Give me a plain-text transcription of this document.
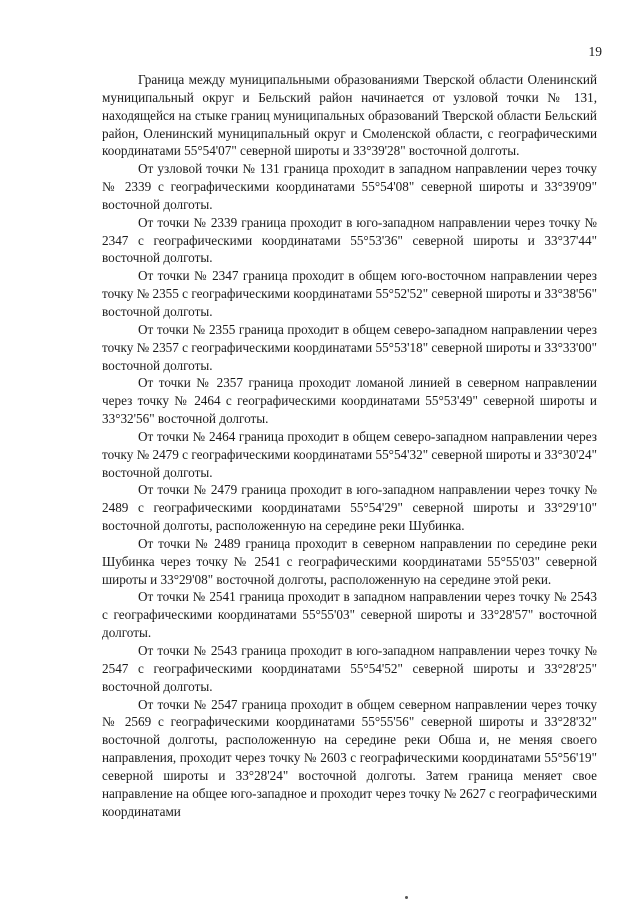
19

Граница между муниципальными образованиями Тверской области Оленинский муниципальный округ и Бельский район начинается от узловой точки № 131, находящейся на стыке границ муниципальных образований Тверской области Бельский район, Оленинский муниципальный округ и Смоленской области, с географическими координатами 55°54'07" северной широты и 33°39'28" восточной долготы.

От узловой точки № 131 граница проходит в западном направлении через точку № 2339 с географическими координатами 55°54'08" северной широты и 33°39'09" восточной долготы.

От точки № 2339 граница проходит в юго-западном направлении через точку № 2347 с географическими координатами 55°53'36" северной широты и 33°37'44" восточной долготы.

От точки № 2347 граница проходит в общем юго-восточном направлении через точку № 2355 с географическими координатами 55°52'52" северной широты и 33°38'56" восточной долготы.

От точки № 2355 граница проходит в общем северо-западном направлении через точку № 2357 с географическими координатами 55°53'18" северной широты и 33°33'00" восточной долготы.

От точки № 2357 граница проходит ломаной линией в северном направлении через точку № 2464 с географическими координатами 55°53'49" северной широты и 33°32'56" восточной долготы.

От точки № 2464 граница проходит в общем северо-западном направлении через точку № 2479 с географическими координатами 55°54'32" северной широты и 33°30'24" восточной долготы.

От точки № 2479 граница проходит в юго-западном направлении через точку № 2489 с географическими координатами 55°54'29" северной широты и 33°29'10" восточной долготы, расположенную на середине реки Шубинка.

От точки № 2489 граница проходит в северном направлении по середине реки Шубинка через точку № 2541 с географическими координатами 55°55'03" северной широты и 33°29'08" восточной долготы, расположенную на середине этой реки.

От точки № 2541 граница проходит в западном направлении через точку № 2543 с географическими координатами 55°55'03" северной широты и 33°28'57" восточной долготы.

От точки № 2543 граница проходит в юго-западном направлении через точку № 2547 с географическими координатами 55°54'52" северной широты и 33°28'25" восточной долготы.

От точки № 2547 граница проходит в общем северном направлении через точку № 2569 с географическими координатами 55°55'56" северной широты и 33°28'32" восточной долготы, расположенную на середине реки Обша и, не меняя своего направления, проходит через точку № 2603 с географическими координатами 55°56'19" северной широты и 33°28'24" восточной долготы. Затем граница меняет свое направление на общее юго-западное и проходит через точку № 2627 с географическими координатами
